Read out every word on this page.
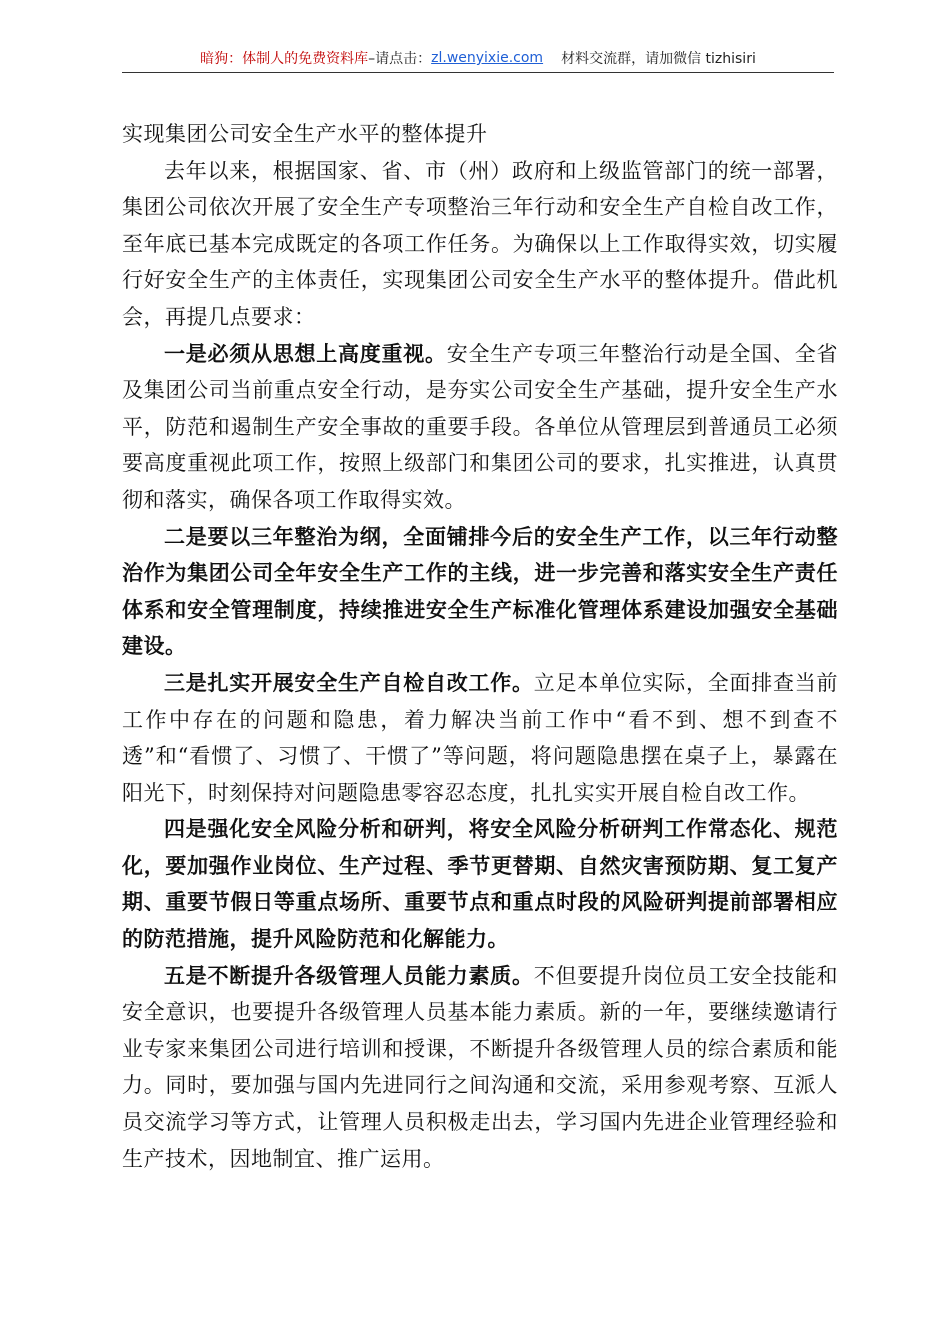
暗狗：体制人的免费资料库 –请点击： zl.wenyixie.com 材料交流群，请加微信 tizhisiri

实现集团公司安全生产水平的整体提升

去年以来，根据国家、省、市（州）政府和上级监管部门的统一部署，集团公司依次开展了安全生产专项整治三年行动和安全生产自检自改工作，至年底已基本完成既定的各项工作任务。为确保以上工作取得实效，切实履行好安全生产的主体责任，实现集团公司安全生产水平的整体提升。借此机会，再提几点要求：

一是必须从思想上高度重视。安全生产专项三年整治行动是全国、全省及集团公司当前重点安全行动，是夯实公司安全生产基础，提升安全生产水平，防范和遏制生产安全事故的重要手段。各单位从管理层到普通员工必须要高度重视此项工作，按照上级部门和集团公司的要求，扎实推进，认真贯彻和落实，确保各项工作取得实效。

二是要以三年整治为纲，全面铺排今后的安全生产工作，以三年行动整治作为集团公司全年安全生产工作的主线，进一步完善和落实安全生产责任体系和安全管理制度，持续推进安全生产标准化管理体系建设加强安全基础建设。

三是扎实开展安全生产自检自改工作。立足本单位实际，全面排查当前工作中存在的问题和隐患，着力解决当前工作中“看不到、想不到查不透”和“看惯了、习惯了、干惯了”等问题，将问题隐患摆在桌子上，暴露在阳光下，时刻保持对问题隐患零容忍态度，扎扎实实开展自检自改工作。

四是强化安全风险分析和研判，将安全风险分析研判工作常态化、规范化，要加强作业岗位、生产过程、季节更替期、自然灾害预防期、复工复产期、重要节假日等重点场所、重要节点和重点时段的风险研判提前部署相应的防范措施，提升风险防范和化解能力。

五是不断提升各级管理人员能力素质。不但要提升岗位员工安全技能和安全意识，也要提升各级管理人员基本能力素质。新的一年，要继续邀请行业专家来集团公司进行培训和授课，不断提升各级管理人员的综合素质和能力。同时，要加强与国内先进同行之间沟通和交流，采用参观考察、互派人员交流学习等方式，让管理人员积极走出去，学习国内先进企业管理经验和生产技术，因地制宜、推广运用。
